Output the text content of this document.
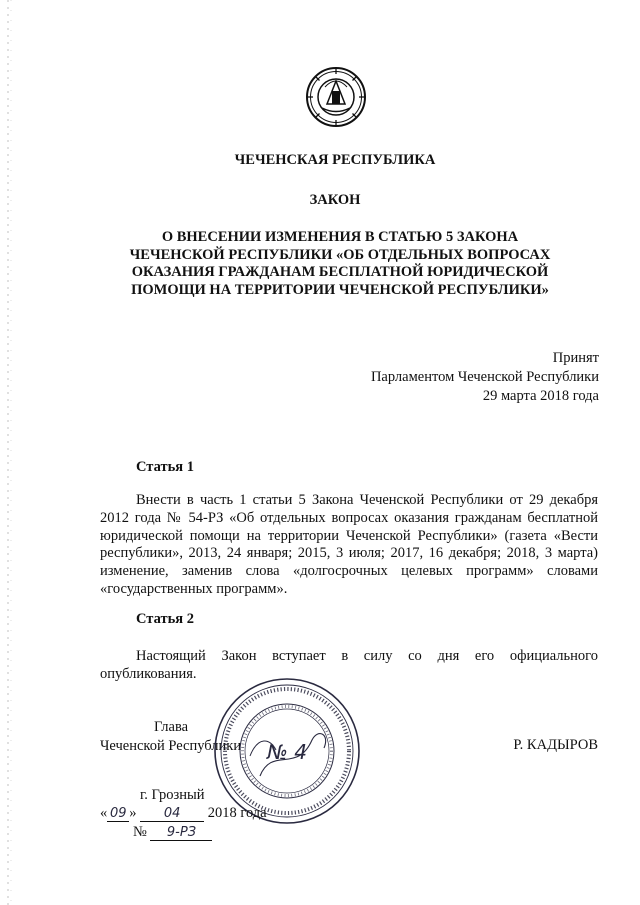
ЧЕЧЕНСКАЯ РЕСПУБЛИКА
ЗАКОН
О ВНЕСЕНИИ ИЗМЕНЕНИЯ В СТАТЬЮ 5 ЗАКОНА
ЧЕЧЕНСКОЙ РЕСПУБЛИКИ «ОБ ОТДЕЛЬНЫХ ВОПРОСАХ
ОКАЗАНИЯ ГРАЖДАНАМ БЕСПЛАТНОЙ ЮРИДИЧЕСКОЙ
ПОМОЩИ НА ТЕРРИТОРИИ ЧЕЧЕНСКОЙ РЕСПУБЛИКИ»
Принят
Парламентом Чеченской Республики
29 марта 2018 года
Статья 1

Внести в часть 1 статьи 5 Закона Чеченской Республики от 29 декабря 2012 года № 54-РЗ «Об отдельных вопросах оказания гражданам бесплатной юридической помощи на территории Чеченской Республики» (газета «Вести республики», 2013, 24 января; 2015, 3 июля; 2017, 16 декабря; 2018, 3 марта) изменение, заменив слова «долгосрочных целевых программ» словами «государственных программ».

Статья 2

Настоящий Закон вступает в силу со дня его официального опубликования.

Глава
Чеченской Республики	Р. КАДЫРОВ
№ 4
г. Грозный
« 09 » 04 2018 года
№ 9-РЗ
